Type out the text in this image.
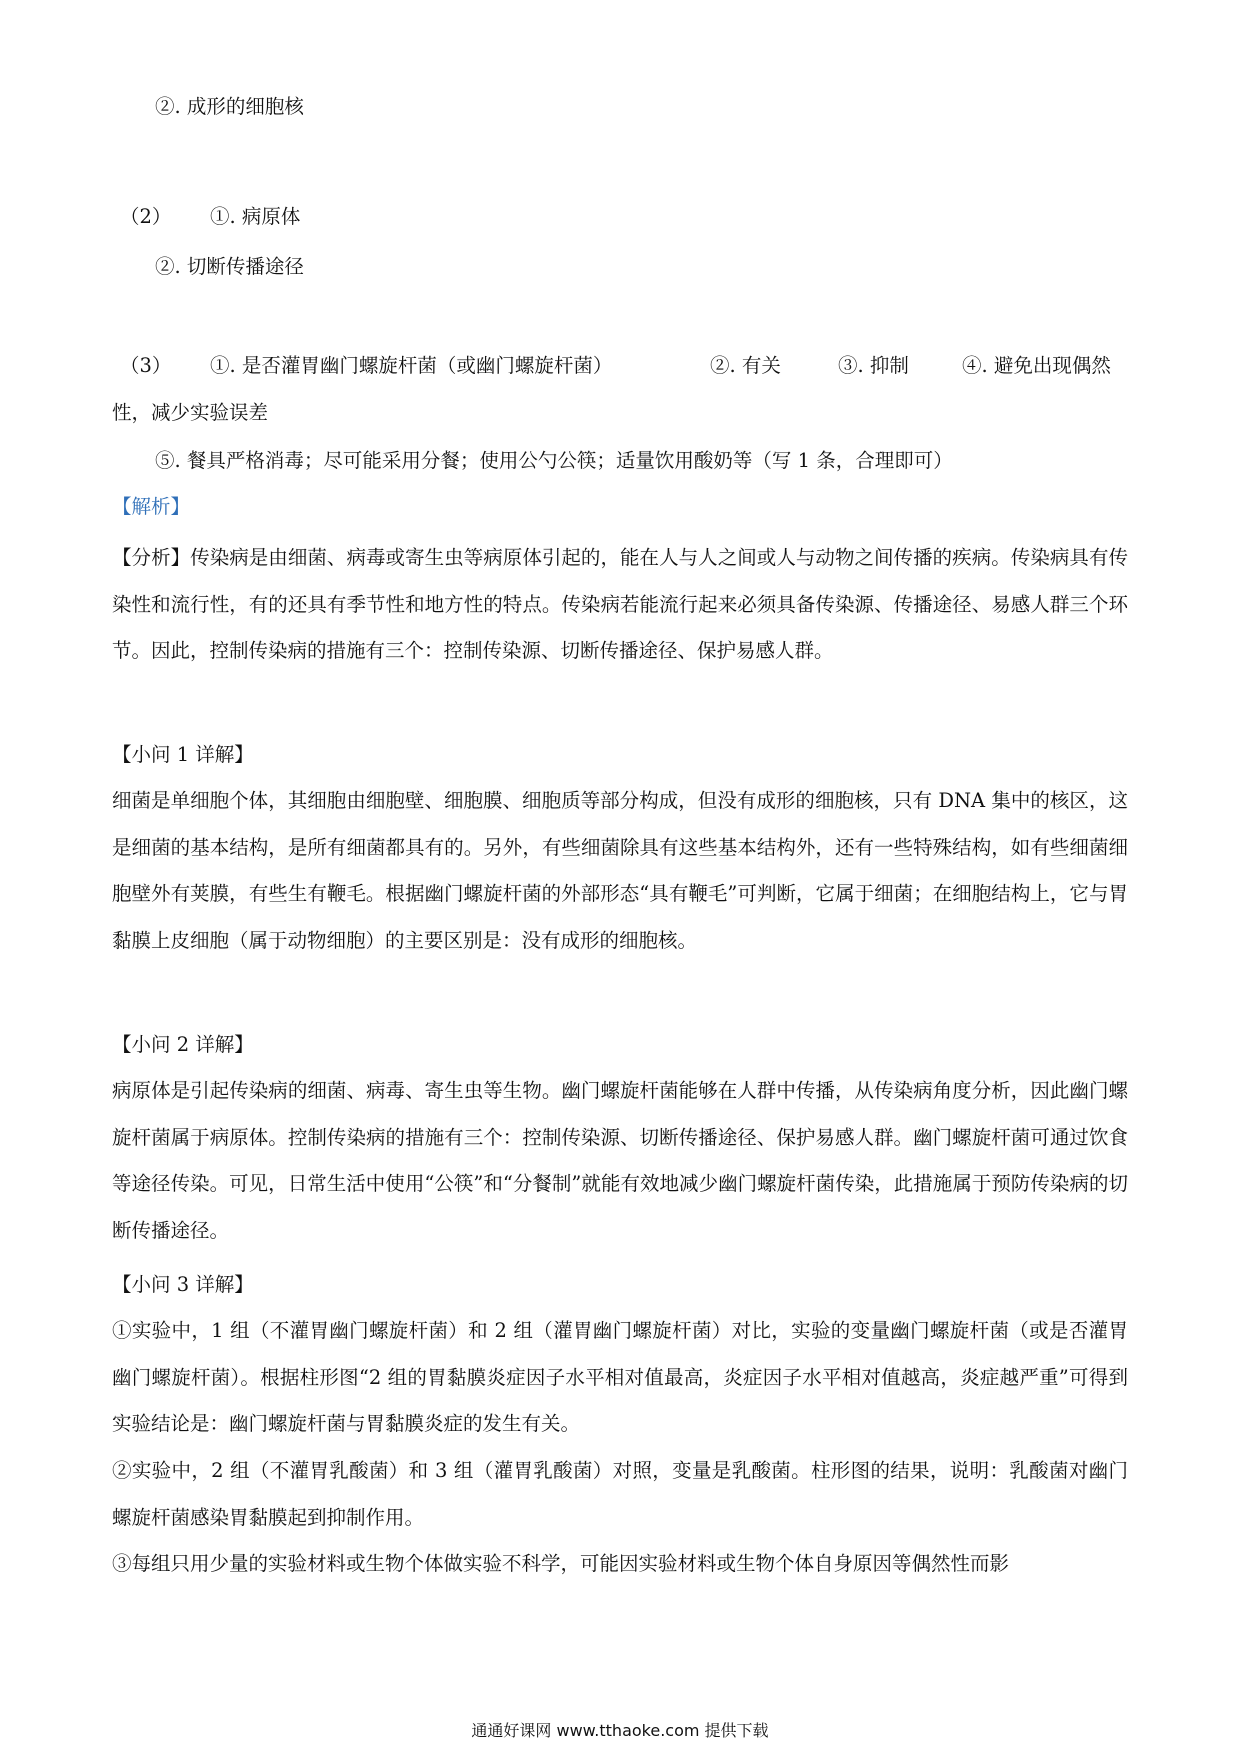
②. 成形的细胞核
（2） ①. 病原体
②. 切断传播途径
（3） ①. 是否灌胃幽门螺旋杆菌（或幽门螺旋杆菌）	②. 有关	③. 抑制	④. 避免出现偶然
性，减少实验误差
⑤. 餐具严格消毒；尽可能采用分餐；使用公勺公筷；适量饮用酸奶等（写 1 条，合理即可）
【解析】
【分析】传染病是由细菌、病毒或寄生虫等病原体引起的，能在人与人之间或人与动物之间传播的疾病。传染病具有传染性和流行性，有的还具有季节性和地方性的特点。传染病若能流行起来必须具备传染源、传播途径、易感人群三个环节。因此，控制传染病的措施有三个：控制传染源、切断传播途径、保护易感人群。
【小问 1 详解】
细菌是单细胞个体，其细胞由细胞壁、细胞膜、细胞质等部分构成，但没有成形的细胞核，只有 DNA 集中的核区，这是细菌的基本结构，是所有细菌都具有的。另外，有些细菌除具有这些基本结构外，还有一些特殊结构，如有些细菌细胞壁外有荚膜，有些生有鞭毛。根据幽门螺旋杆菌的外部形态“具有鞭毛”可判断，它属于细菌；在细胞结构上，它与胃黏膜上皮细胞（属于动物细胞）的主要区别是：没有成形的细胞核。
【小问 2 详解】
病原体是引起传染病的细菌、病毒、寄生虫等生物。幽门螺旋杆菌能够在人群中传播，从传染病角度分析，因此幽门螺旋杆菌属于病原体。控制传染病的措施有三个：控制传染源、切断传播途径、保护易感人群。幽门螺旋杆菌可通过饮食等途径传染。可见，日常生活中使用“公筷”和“分餐制”就能有效地减少幽门螺旋杆菌传染，此措施属于预防传染病的切断传播途径。
【小问 3 详解】
①实验中，1 组（不灌胃幽门螺旋杆菌）和 2 组（灌胃幽门螺旋杆菌）对比，实验的变量幽门螺旋杆菌（或是否灌胃幽门螺旋杆菌）。根据柱形图“2 组的胃黏膜炎症因子水平相对值最高，炎症因子水平相对值越高，炎症越严重”可得到实验结论是：幽门螺旋杆菌与胃黏膜炎症的发生有关。
②实验中，2 组（不灌胃乳酸菌）和 3 组（灌胃乳酸菌）对照，变量是乳酸菌。柱形图的结果，说明：乳酸菌对幽门螺旋杆菌感染胃黏膜起到抑制作用。
③每组只用少量的实验材料或生物个体做实验不科学，可能因实验材料或生物个体自身原因等偶然性而影
通通好课网 www.tthaoke.com 提供下载
